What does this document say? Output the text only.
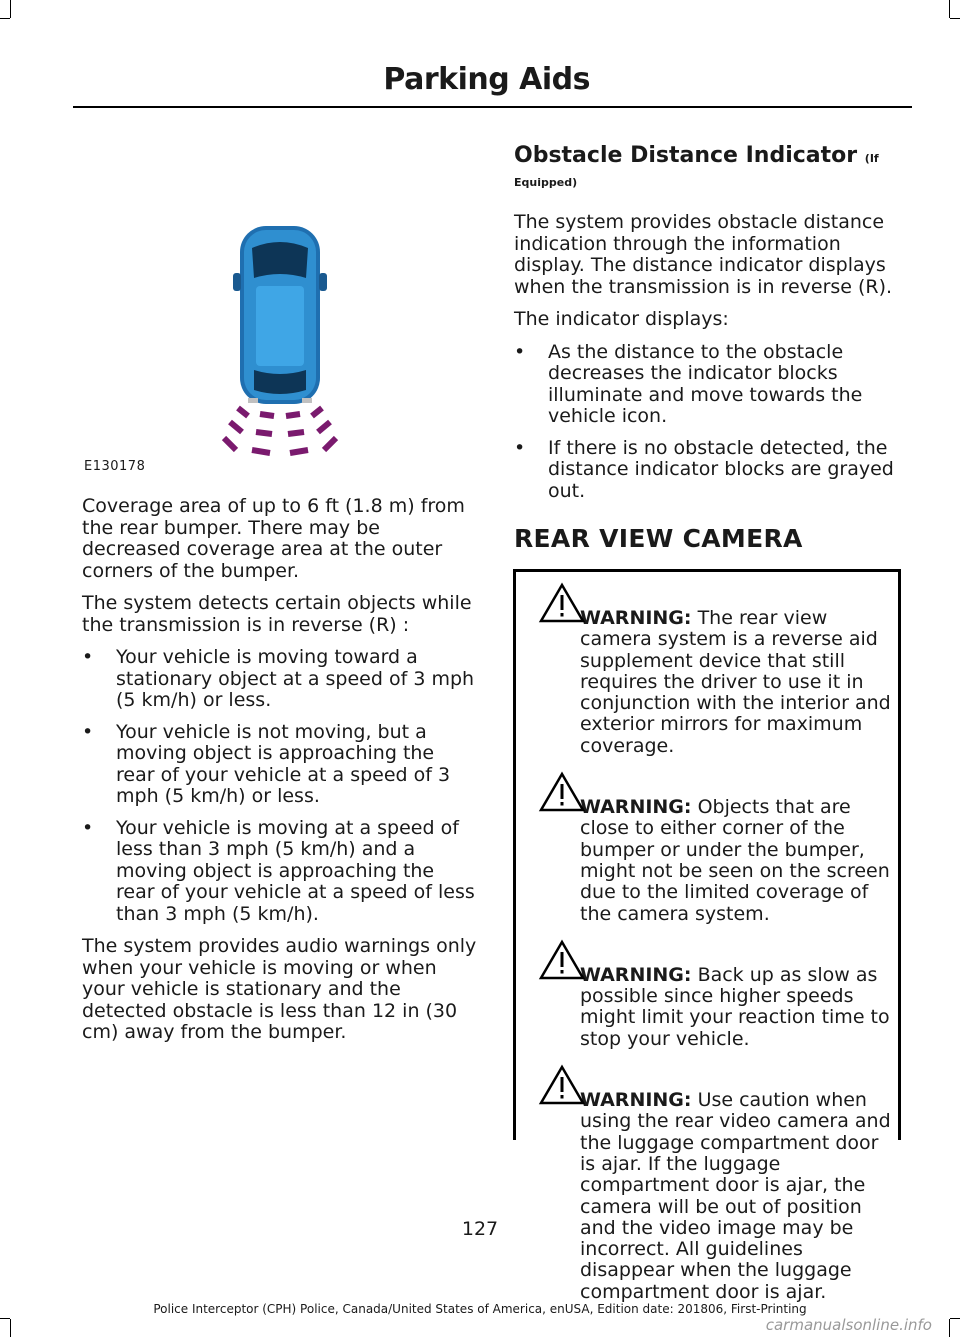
Parking Aids
E130178

Coverage area of up to 6 ft (1.8 m) from the rear bumper. There may be decreased coverage area at the outer corners of the bumper.

The system detects certain objects while the transmission is in reverse (R) :

• Your vehicle is moving toward a stationary object at a speed of 3 mph (5 km/h) or less.
• Your vehicle is not moving, but a moving object is approaching the rear of your vehicle at a speed of 3 mph (5 km/h) or less.
• Your vehicle is moving at a speed of less than 3 mph (5 km/h) and a moving object is approaching the rear of your vehicle at a speed of less than 3 mph (5 km/h).

The system provides audio warnings only when your vehicle is moving or when your vehicle is stationary and the detected obstacle is less than 12 in (30 cm) away from the bumper.

Obstacle Distance Indicator (If
Equipped)

The system provides obstacle distance indication through the information display. The distance indicator displays when the transmission is in reverse (R).

The indicator displays:

• As the distance to the obstacle decreases the indicator blocks illuminate and move towards the vehicle icon.
• If there is no obstacle detected, the distance indicator blocks are grayed out.
REAR VIEW CAMERA
WARNING: The rear view camera system is a reverse aid supplement device that still requires the driver to use it in conjunction with the interior and exterior mirrors for maximum coverage.
WARNING: Objects that are close to either corner of the bumper or under the bumper, might not be seen on the screen due to the limited coverage of the camera system.
WARNING: Back up as slow as possible since higher speeds might limit your reaction time to stop your vehicle.
WARNING: Use caution when using the rear video camera and the luggage compartment door is ajar. If the luggage compartment door is ajar, the camera will be out of position and the video image may be incorrect. All guidelines disappear when the luggage compartment door is ajar.
127
Police Interceptor (CPH) Police, Canada/United States of America, enUSA, Edition date: 201806, First-Printing
carmanualsonline.info
